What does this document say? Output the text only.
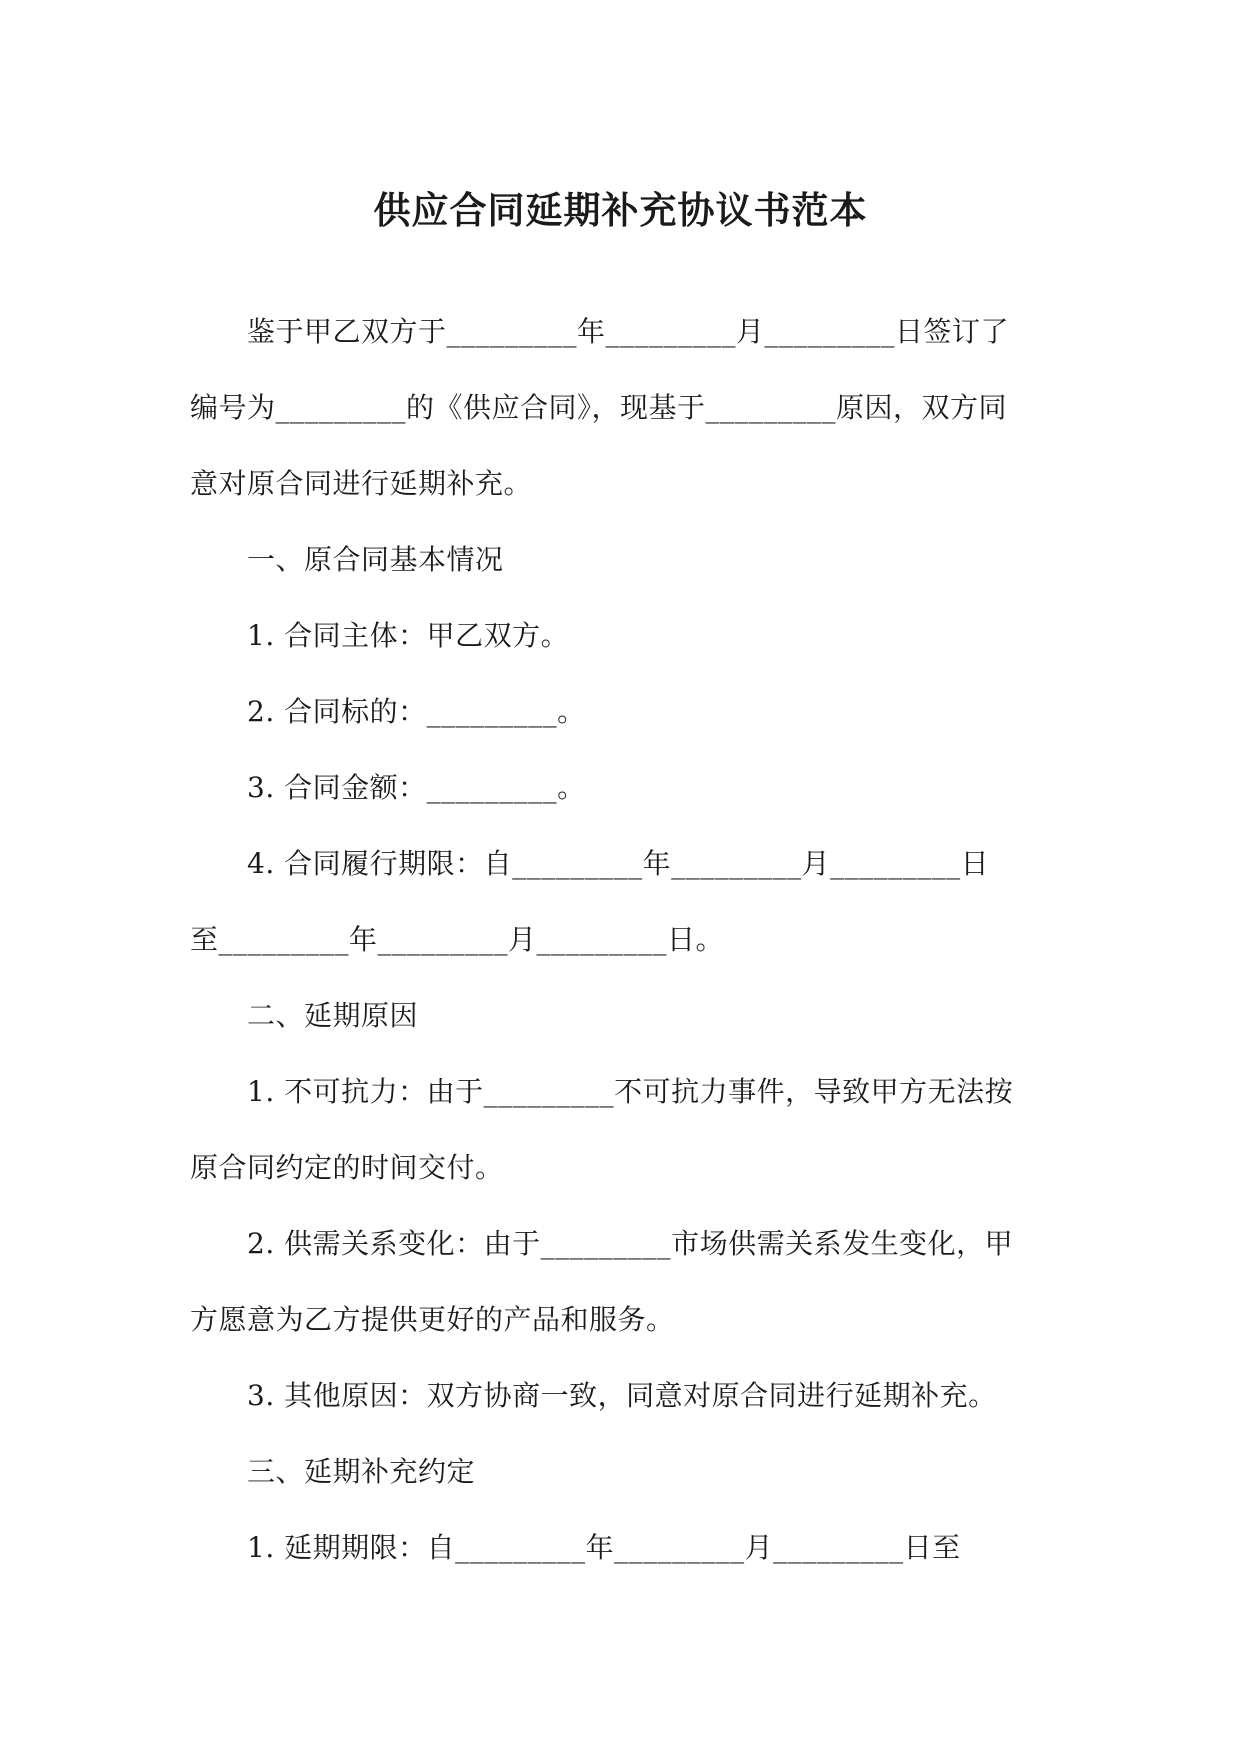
供应合同延期补充协议书范本

鉴于甲乙双方于_________年_________月_________日签订了

编号为_________的《供应合同》，现基于_________原因，双方同

意对原合同进行延期补充。

一、原合同基本情况

1. 合同主体：甲乙双方。

2. 合同标的：_________。

3. 合同金额：_________。

4. 合同履行期限：自_________年_________月_________日

至_________年_________月_________日。

二、延期原因

1. 不可抗力：由于_________不可抗力事件，导致甲方无法按

原合同约定的时间交付。

2. 供需关系变化：由于_________市场供需关系发生变化，甲

方愿意为乙方提供更好的产品和服务。

3. 其他原因：双方协商一致，同意对原合同进行延期补充。

三、延期补充约定

1. 延期期限：自_________年_________月_________日至
